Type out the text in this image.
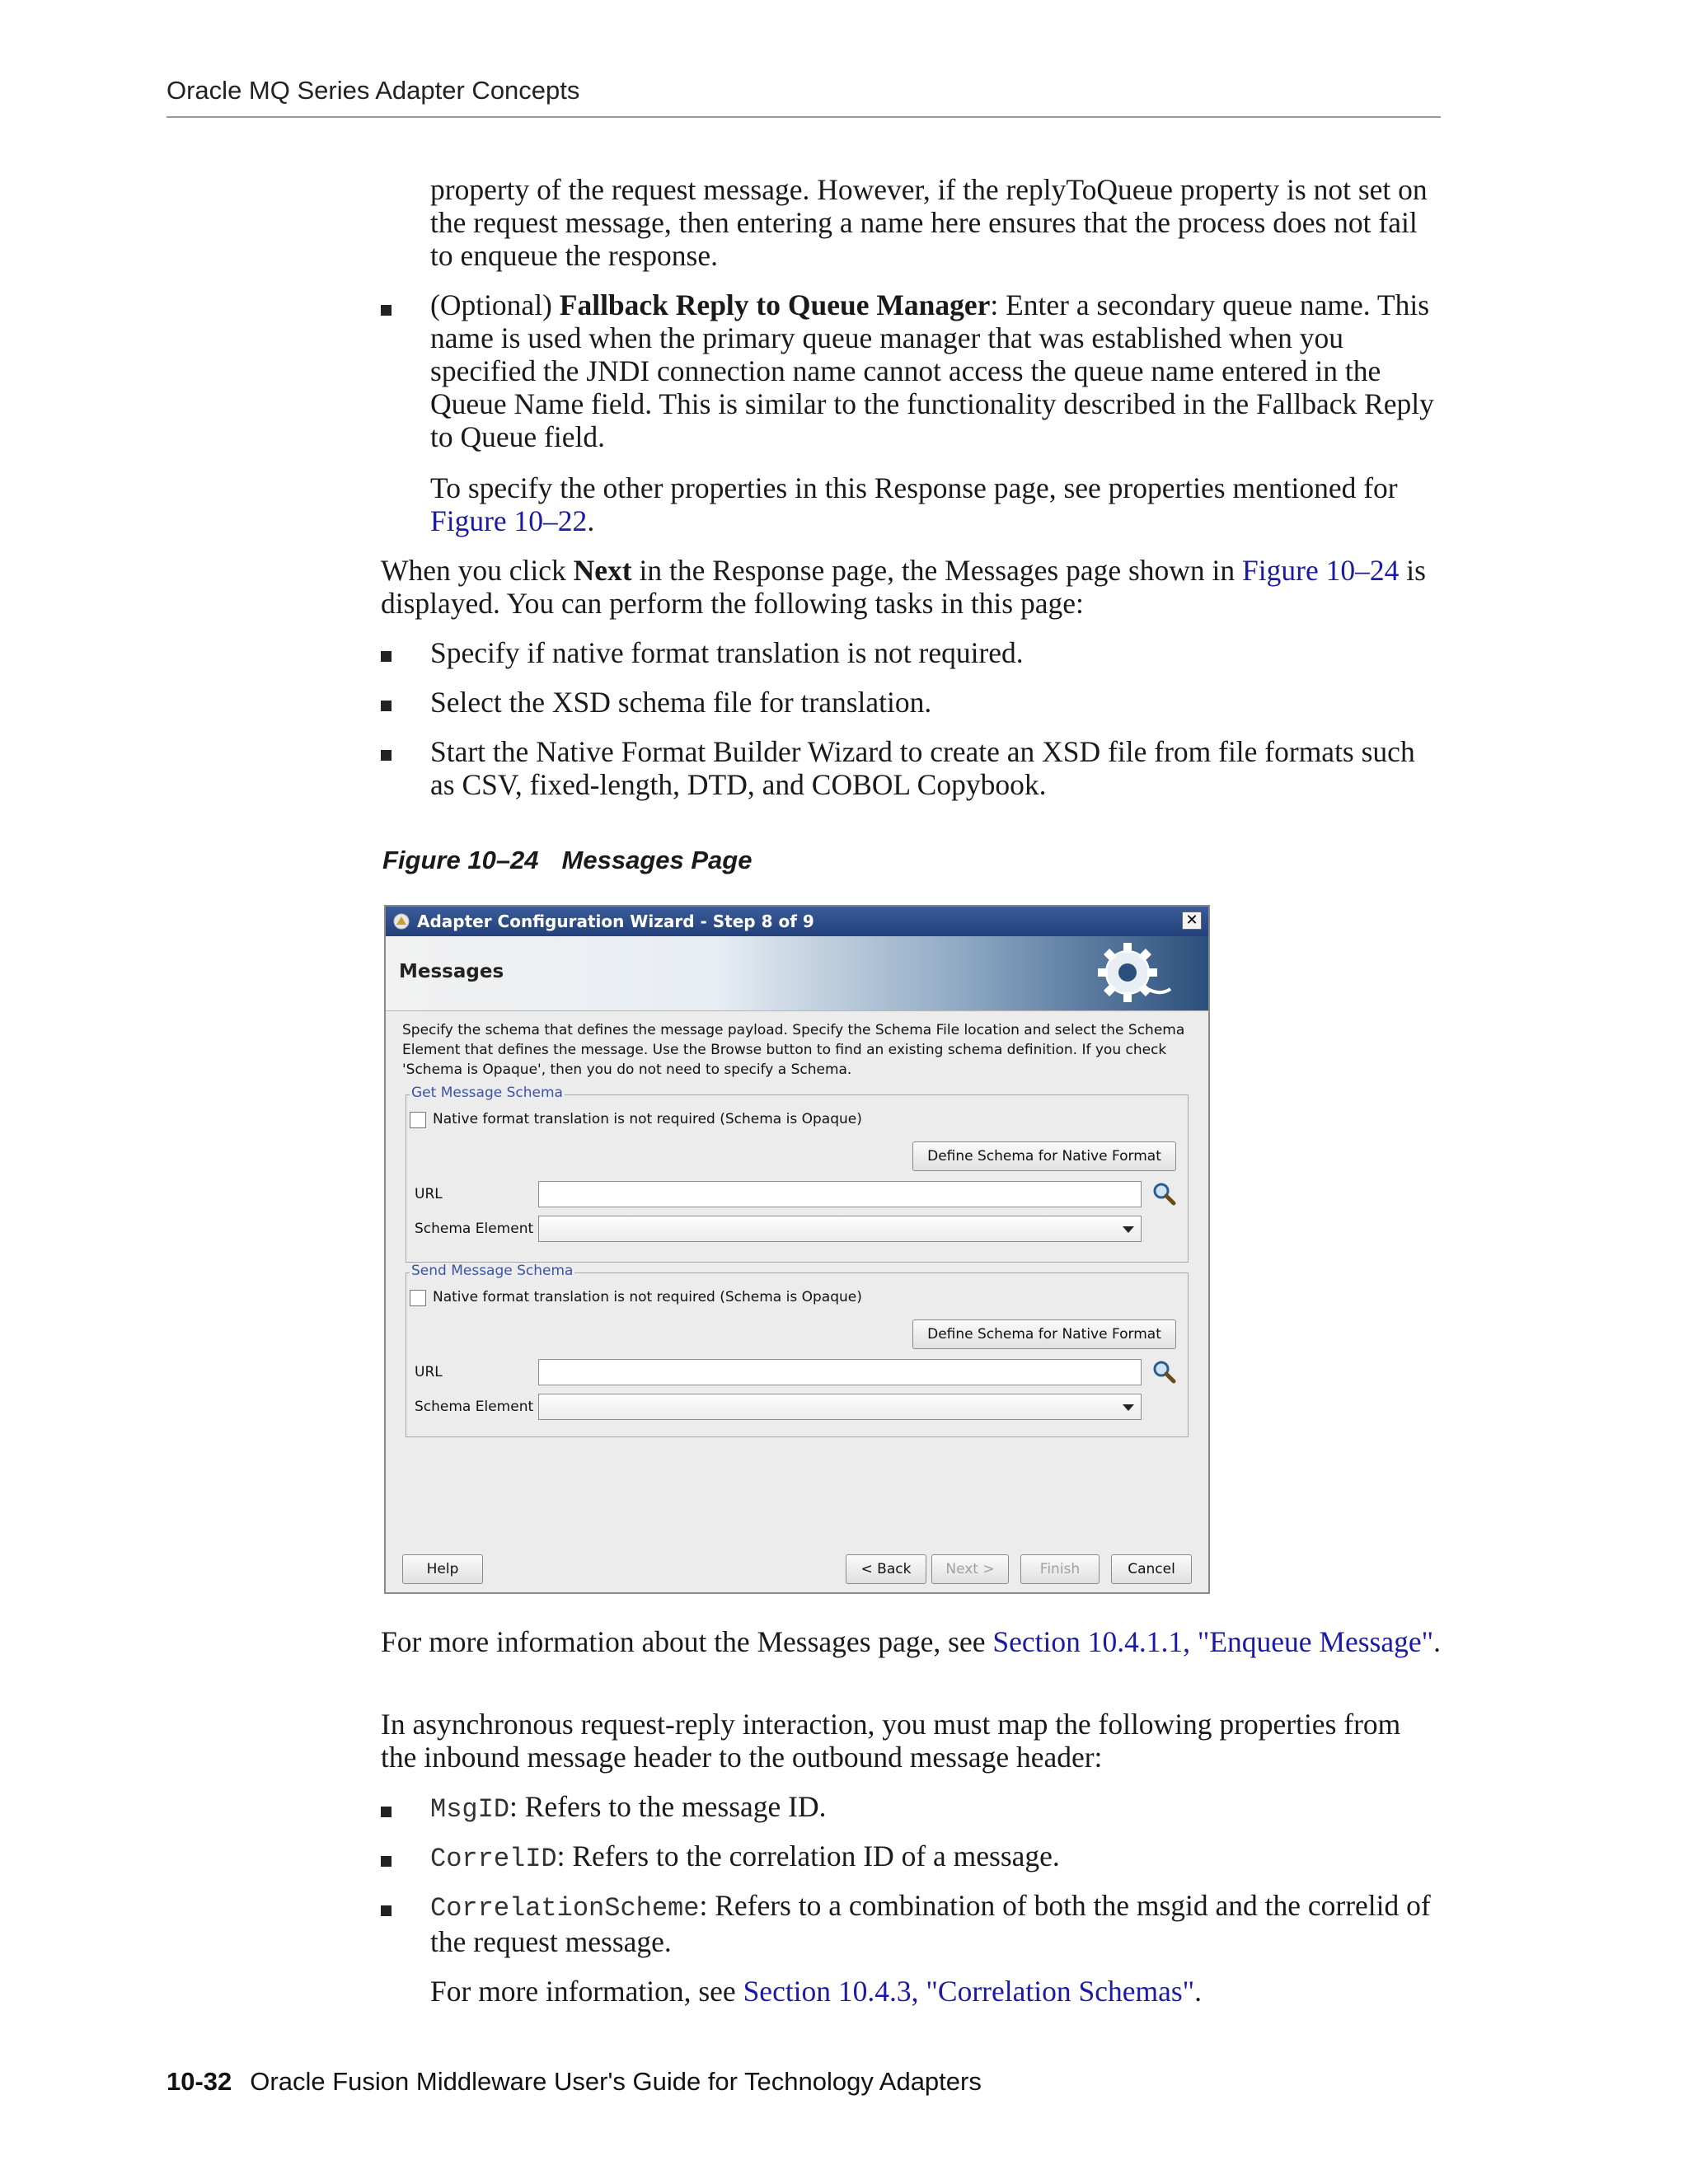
Oracle MQ Series Adapter Concepts

property of the request message. However, if the replyToQueue property is not set on the request message, then entering a name here ensures that the process does not fail to enqueue the response.

(Optional) Fallback Reply to Queue Manager: Enter a secondary queue name. This name is used when the primary queue manager that was established when you specified the JNDI connection name cannot access the queue name entered in the Queue Name field. This is similar to the functionality described in the Fallback Reply to Queue field.

To specify the other properties in this Response page, see properties mentioned for Figure 10–22.

When you click Next in the Response page, the Messages page shown in Figure 10–24 is displayed. You can perform the following tasks in this page:

Specify if native format translation is not required.

Select the XSD schema file for translation.

Start the Native Format Builder Wizard to create an XSD file from file formats such as CSV, fixed-length, DTD, and COBOL Copybook.

Figure 10–24 Messages Page
Adapter Configuration Wizard - Step 8 of 9	✕
Messages
Specify the schema that defines the message payload. Specify the Schema File location and select the Schema Element that defines the message. Use the Browse button to find an existing schema definition. If you check 'Schema is Opaque', then you do not need to specify a Schema.
Get Message Schema
Native format translation is not required (Schema is Opaque)
Define Schema for Native Format
URL
Schema Element
Send Message Schema
Native format translation is not required (Schema is Opaque)
Define Schema for Native Format
URL
Schema Element
Help	< Back	Next >	Finish	Cancel

For more information about the Messages page, see Section 10.4.1.1, "Enqueue Message".

In asynchronous request-reply interaction, you must map the following properties from the inbound message header to the outbound message header:

MsgID: Refers to the message ID.

CorrelID: Refers to the correlation ID of a message.

CorrelationScheme: Refers to a combination of both the msgid and the correlid of the request message.

For more information, see Section 10.4.3, "Correlation Schemas".

10-32 Oracle Fusion Middleware User's Guide for Technology Adapters
